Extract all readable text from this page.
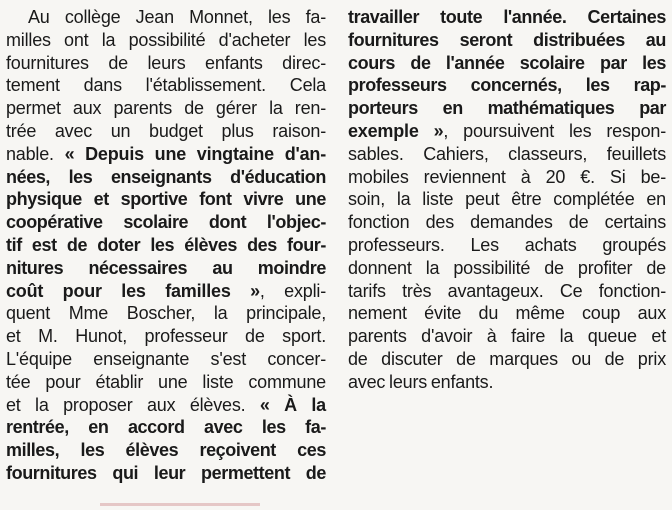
Au collège Jean Monnet, les fa-
milles ont la possibilité d'acheter les
fournitures de leurs enfants direc-
tement dans l'établissement. Cela
permet aux parents de gérer la ren-
trée avec un budget plus raison-
nable. « Depuis une vingtaine d'an-
nées, les enseignants d'éducation
physique et sportive font vivre une
coopérative scolaire dont l'objec-
tif est de doter les élèves des four-
nitures nécessaires au moindre
coût pour les familles », expli-
quent Mme Boscher, la principale,
et M. Hunot, professeur de sport.
L'équipe enseignante s'est concer-
tée pour établir une liste commune
et la proposer aux élèves. « À la
rentrée, en accord avec les fa-
milles, les élèves reçoivent ces
fournitures qui leur permettent de
travailler toute l'année. Certaines
fournitures seront distribuées au
cours de l'année scolaire par les
professeurs concernés, les rap-
porteurs en mathématiques par
exemple », poursuivent les respon-
sables. Cahiers, classeurs, feuillets
mobiles reviennent à 20 €. Si be-
soin, la liste peut être complétée en
fonction des demandes de certains
professeurs. Les achats groupés
donnent la possibilité de profiter de
tarifs très avantageux. Ce fonction-
nement évite du même coup aux
parents d'avoir à faire la queue et
de discuter de marques ou de prix
avec leurs enfants.
